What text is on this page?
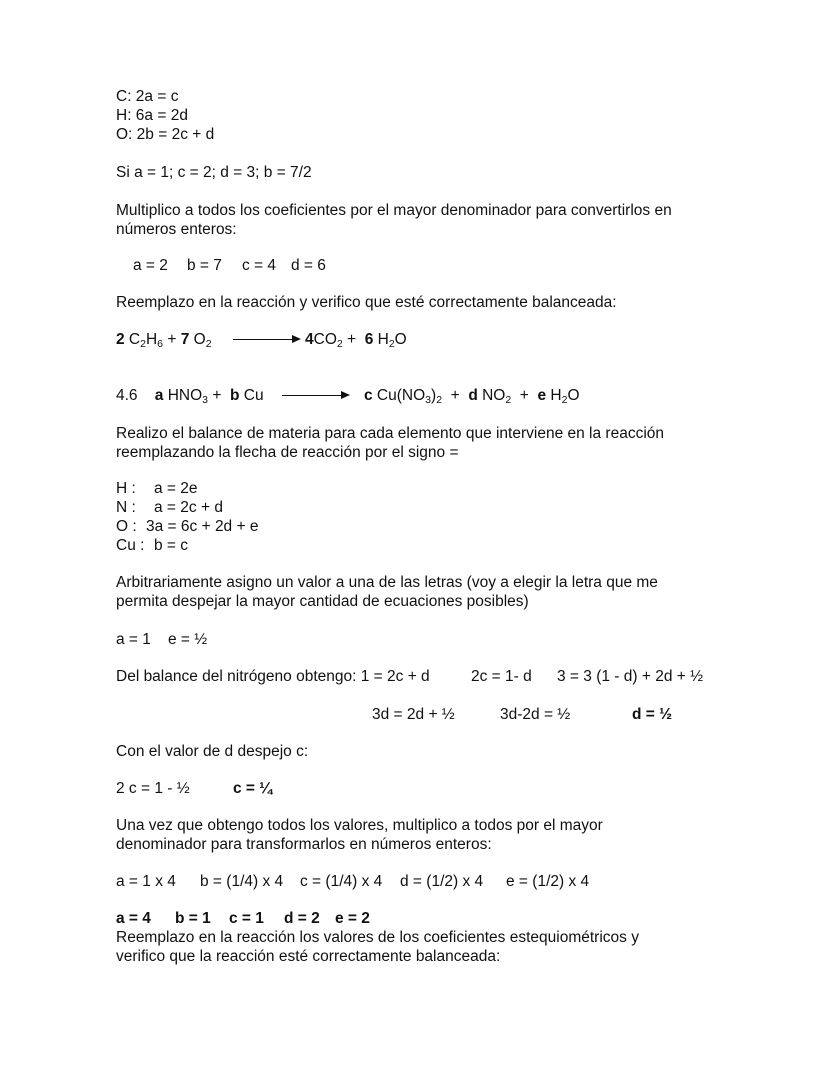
C: 2a = c
H: 6a = 2d
O: 2b = 2c + d
Si a = 1; c = 2; d = 3; b = 7/2
Multiplico a todos los coeficientes por el mayor denominador para convertirlos en
números enteros:
a = 2 b = 7 c = 4 d = 6
Reemplazo en la reacción y verifico que esté correctamente balanceada:
2 $C_2H_6 + 7$ $O_2$	$4CO_2 + 6$ $H_2O$
4.6 a $HNO_3 + b$ Cu	c $Cu(NO_3)_2 + d$ $NO_2 + e$ $H_2O$
Realizo el balance de materia para cada elemento que interviene en la reacción
reemplazando la flecha de reacción por el signo =
H : a = 2e
N : a = 2c + d
O : 3a = 6c + 2d + e
Cu : b = c
Arbitrariamente asigno un valor a una de las letras (voy a elegir la letra que me
permita despejar la mayor cantidad de ecuaciones posibles)
a = 1 e = ½
Del balance del nitrógeno obtengo: 1 = 2c + d	2c = 1- d 3 = 3 (1 - d) + 2d + ½
3d = 2d + ½	3d-2d = ½	d = ½
Con el valor de d despejo c:
2 c = 1 - ½	c = ¼
Una vez que obtengo todos los valores, multiplico a todos por el mayor
denominador para transformarlos en números enteros:
a = 1 x 4 b = (1/4) x 4 c = (1/4) x 4 d = (1/2) x 4 e = (1/2) x 4
a = 4 b = 1 c = 1 d = 2 e = 2
Reemplazo en la reacción los valores de los coeficientes estequiométricos y
verifico que la reacción esté correctamente balanceada:
